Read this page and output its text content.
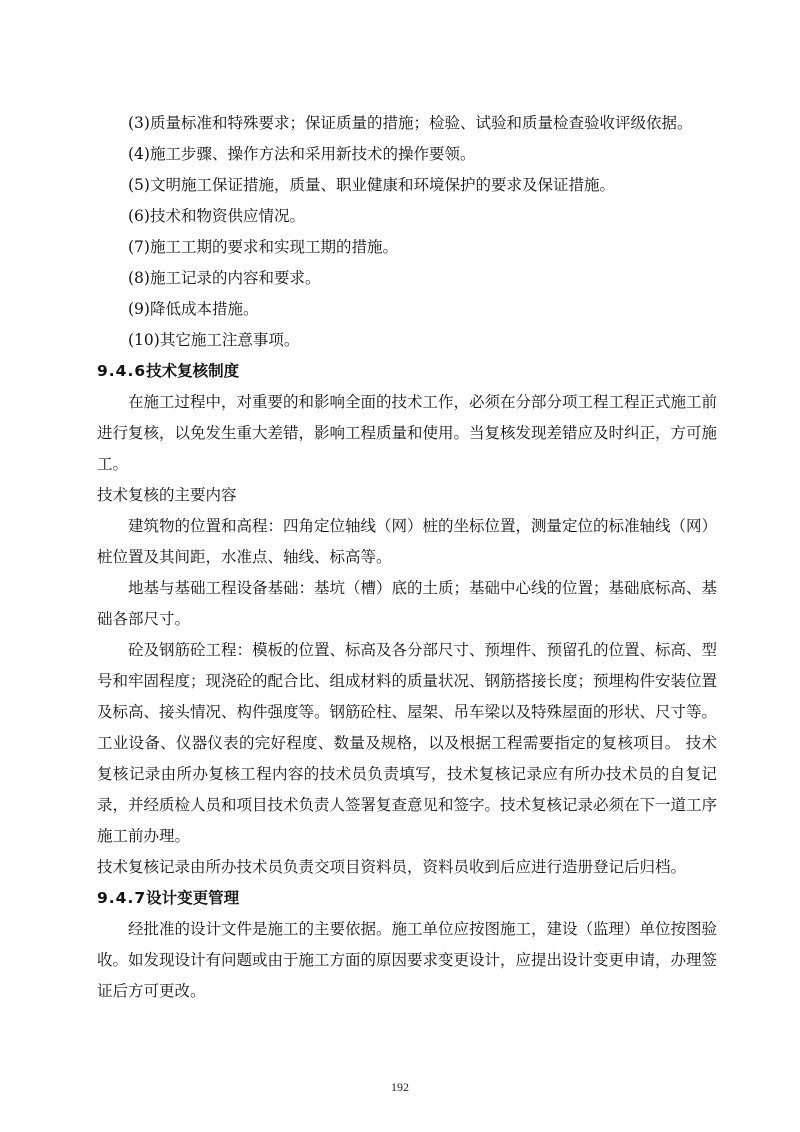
(3)质量标准和特殊要求；保证质量的措施；检验、试验和质量检查验收评级依据。

(4)施工步骤、操作方法和采用新技术的操作要领。

(5)文明施工保证措施，质量、职业健康和环境保护的要求及保证措施。

(6)技术和物资供应情况。

(7)施工工期的要求和实现工期的措施。

(8)施工记录的内容和要求。

(9)降低成本措施。

(10)其它施工注意事项。

9.4.6技术复核制度

在施工过程中，对重要的和影响全面的技术工作，必须在分部分项工程工程正式施工前进行复核，以免发生重大差错，影响工程质量和使用。当复核发现差错应及时纠正，方可施工。

技术复核的主要内容

建筑物的位置和高程：四角定位轴线（网）桩的坐标位置，测量定位的标准轴线（网）桩位置及其间距，水准点、轴线、标高等。

地基与基础工程设备基础：基坑（槽）底的土质；基础中心线的位置；基础底标高、基础各部尺寸。

砼及钢筋砼工程：模板的位置、标高及各分部尺寸、预埋件、预留孔的位置、标高、型号和牢固程度；现浇砼的配合比、组成材料的质量状况、钢筋搭接长度；预埋构件安装位置及标高、接头情况、构件强度等。钢筋砼柱、屋架、吊车梁以及特殊屋面的形状、尺寸等。工业设备、仪器仪表的完好程度、数量及规格，以及根据工程需要指定的复核项目。 技术复核记录由所办复核工程内容的技术员负责填写，技术复核记录应有所办技术员的自复记录，并经质检人员和项目技术负责人签署复查意见和签字。技术复核记录必须在下一道工序施工前办理。

技术复核记录由所办技术员负责交项目资料员，资料员收到后应进行造册登记后归档。

9.4.7设计变更管理

经批准的设计文件是施工的主要依据。施工单位应按图施工，建设（监理）单位按图验收。如发现设计有问题或由于施工方面的原因要求变更设计，应提出设计变更申请，办理签证后方可更改。

192
